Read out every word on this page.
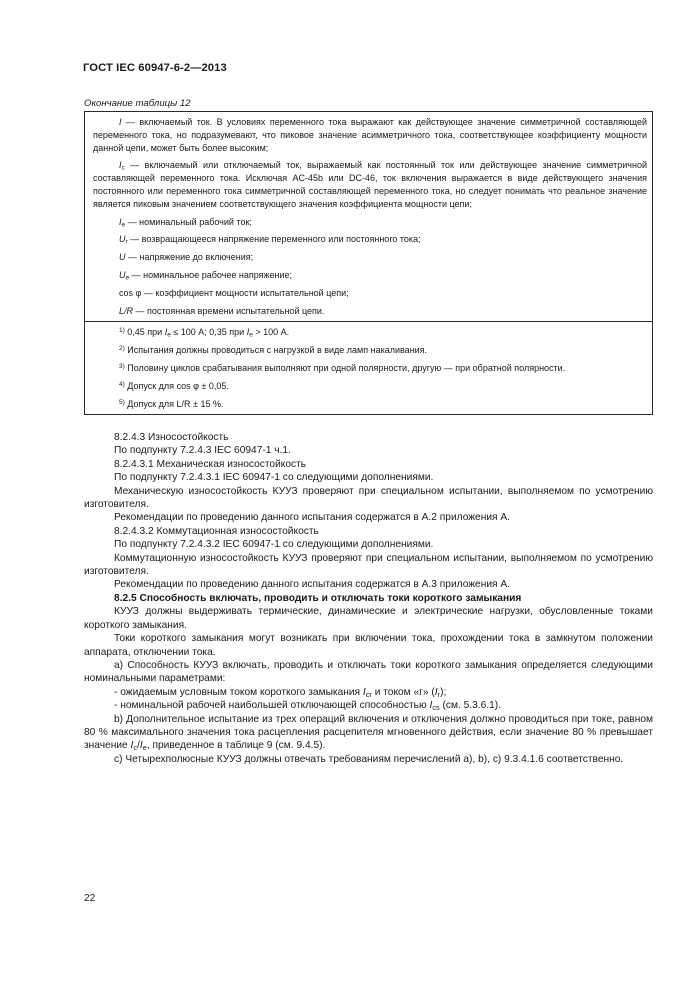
ГОСТ IEC 60947-6-2—2013
Окончание таблицы 12

I — включаемый ток. В условиях переменного тока выражают как действующее значение симметричной составляющей переменного тока, но подразумевают, что пиковое значение асимметричного тока, соответствующее коэффициенту мощности данной цепи, может быть более высоким;

$I_c$ — включаемый или отключаемый ток, выражаемый как постоянный ток или действующее значение симметричной составляющей переменного тока. Исключая AC-45b или DC-46, ток включения выражается в виде действующего значения постоянного или переменного тока симметричной составляющей переменного тока, но следует понимать что реальное значение является пиковым значением соответствующего значения коэффициента мощности цепи;

$I_e$ — номинальный рабочий ток;
$U_r$ — возвращающееся напряжение переменного или постоянного тока;
U — напряжение до включения;
$U_e$ — номинальное рабочее напряжение;
cos φ — коэффициент мощности испытательной цепи;
L/R — постоянная времени испытательной цепи.
$^{1)}$ 0,45 при $I_e \le 100$ А; 0,35 при $I_e > 100$ А.
$^{2)}$ Испытания должны проводиться с нагрузкой в виде ламп накаливания.
$^{3)}$ Половину циклов срабатывания выполняют при одной полярности, другую — при обратной полярности.
$^{4)}$ Допуск для cos φ ± 0,05.
$^{5)}$ Допуск для L/R ± 15 %.

8.2.4.3 Износостойкость

По подпункту 7.2.4.3 IEC 60947-1 ч.1.

8.2.4.3.1 Механическая износостойкость

По подпункту 7.2.4.3.1 IEC 60947-1 со следующими дополнениями.

Механическую износостойкость КУУЗ проверяют при специальном испытании, выполняемом по усмотрению изготовителя.

Рекомендации по проведению данного испытания содержатся в А.2 приложения А.

8.2.4.3.2 Коммутационная износостойкость

По подпункту 7.2.4.3.2 IEC 60947-1 со следующими дополнениями.

Коммутационную износостойкость КУУЗ проверяют при специальном испытании, выполняемом по усмотрению изготовителя.

Рекомендации по проведению данного испытания содержатся в А.3 приложения А.

8.2.5 Способность включать, проводить и отключать токи короткого замыкания

КУУЗ должны выдерживать термические, динамические и электрические нагрузки, обусловленные токами короткого замыкания.

Токи короткого замыкания могут возникать при включении тока, прохождении тока в замкнутом положении аппарата, отключении тока.

a) Способность КУУЗ включать, проводить и отключать токи короткого замыкания определяется следующими номинальными параметрами:

- ожидаемым условным током короткого замыкания $I_{cr}$ и током «г» $(I_r)$;

- номинальной рабочей наибольшей отключающей способностью $I_{cs}$ (см. 5.3.6.1).

b) Дополнительное испытание из трех операций включения и отключения должно проводиться при токе, равном 80 % максимального значения тока расцепления расцепителя мгновенного действия, если значение 80 % превышает значение $I_c/I_e$, приведенное в таблице 9 (см. 9.4.5).

c) Четырехполюсные КУУЗ должны отвечать требованиям перечислений a), b), c) 9.3.4.1.6 соответственно.

22
